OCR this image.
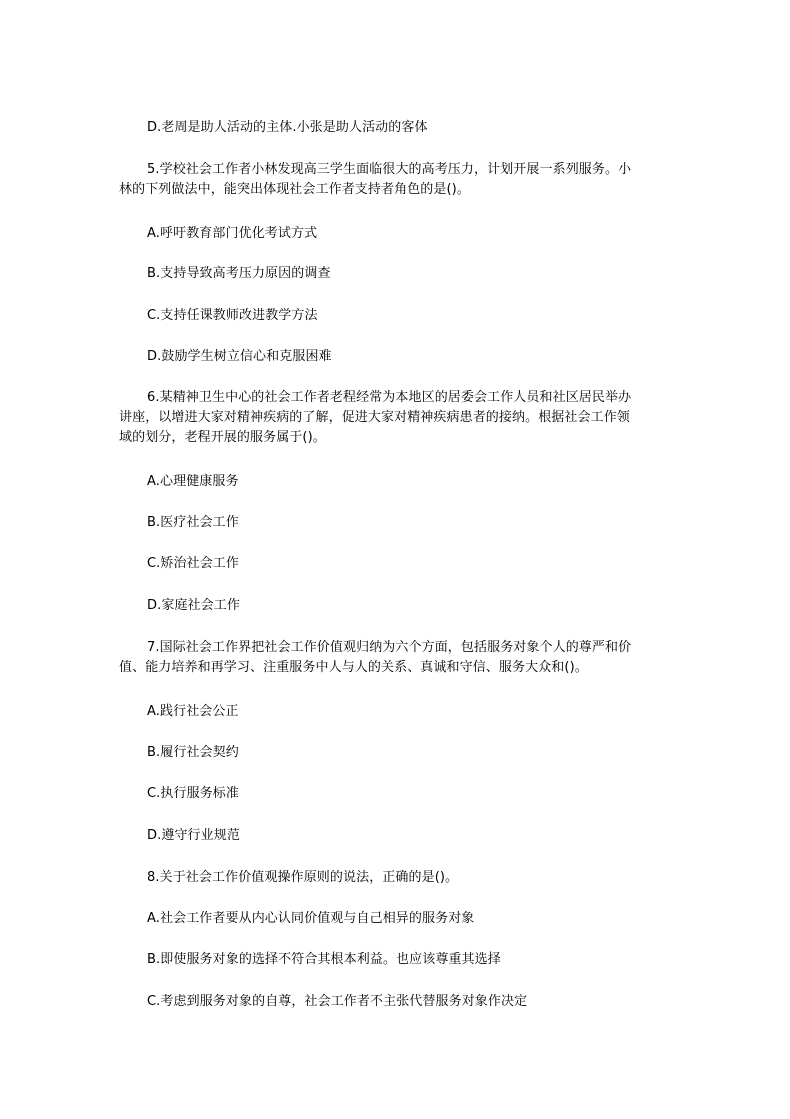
D.老周是助人活动的主体.小张是助人活动的客体
5.学校社会工作者小林发现高三学生面临很大的高考压力，计划开展一系列服务。小
林的下列做法中，能突出体现社会工作者支持者角色的是()。
A.呼吁教育部门优化考试方式
B.支持导致高考压力原因的调查
C.支持任课教师改进教学方法
D.鼓励学生树立信心和克服困难
6.某精神卫生中心的社会工作者老程经常为本地区的居委会工作人员和社区居民举办
讲座，以增进大家对精神疾病的了解，促进大家对精神疾病患者的接纳。根据社会工作领
域的划分，老程开展的服务属于()。
A.心理健康服务
B.医疗社会工作
C.矫治社会工作
D.家庭社会工作
7.国际社会工作界把社会工作价值观归纳为六个方面，包括服务对象个人的尊严和价
值、能力培养和再学习、注重服务中人与人的关系、真诚和守信、服务大众和()。
A.践行社会公正
B.履行社会契约
C.执行服务标准
D.遵守行业规范
8.关于社会工作价值观操作原则的说法，正确的是()。
A.社会工作者要从内心认同价值观与自己相异的服务对象
B.即使服务对象的选择不符合其根本利益。也应该尊重其选择
C.考虑到服务对象的自尊，社会工作者不主张代替服务对象作决定
